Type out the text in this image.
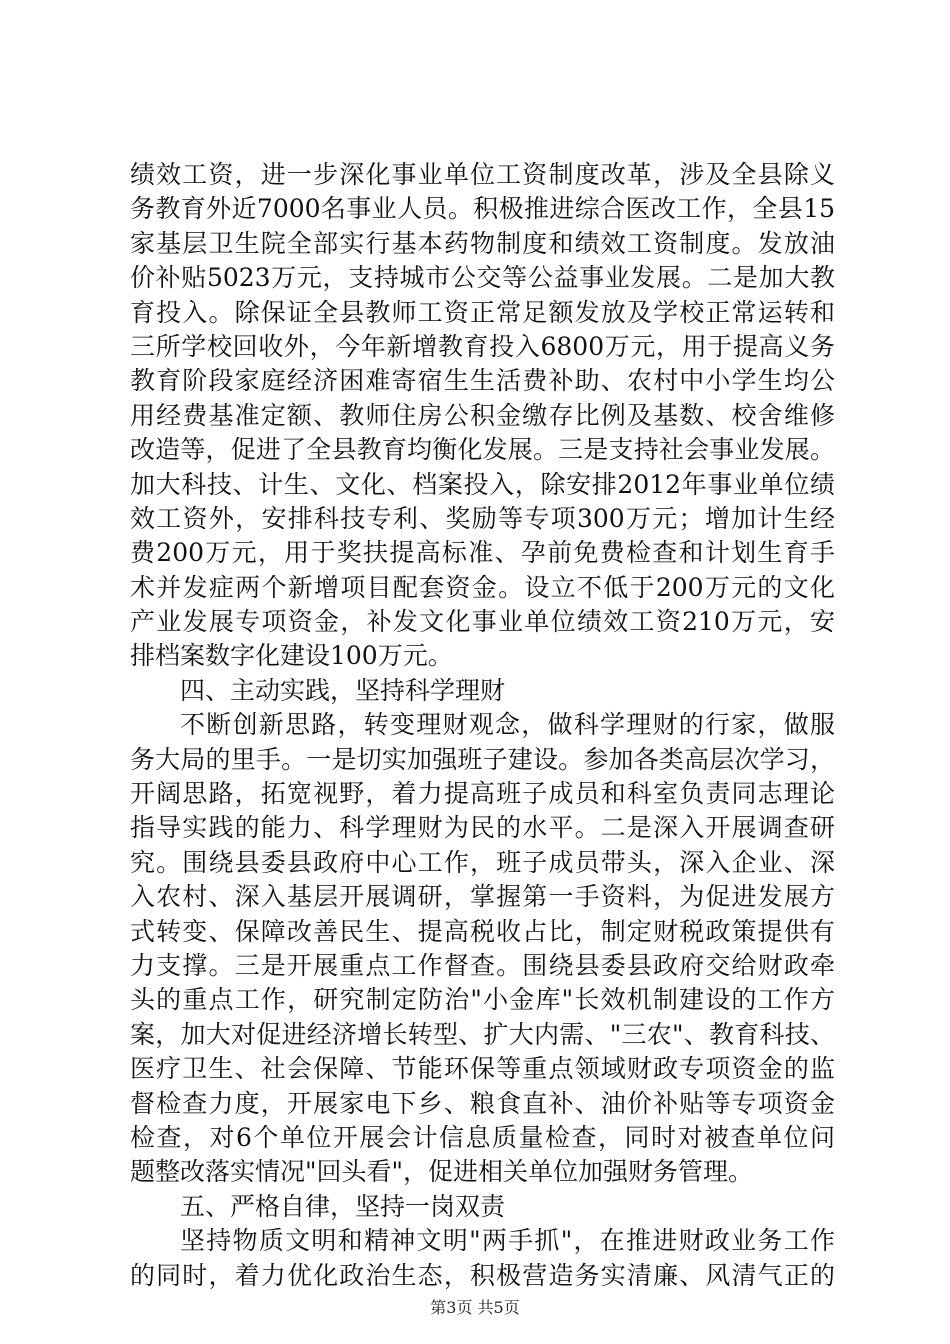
绩效工资，进一步深化事业单位工资制度改革，涉及全县除义
务教育外近7000名事业人员。积极推进综合医改工作，全县15
家基层卫生院全部实行基本药物制度和绩效工资制度。发放油
价补贴5023万元，支持城市公交等公益事业发展。二是加大教
育投入。除保证全县教师工资正常足额发放及学校正常运转和
三所学校回收外，今年新增教育投入6800万元，用于提高义务
教育阶段家庭经济困难寄宿生生活费补助、农村中小学生均公
用经费基准定额、教师住房公积金缴存比例及基数、校舍维修
改造等，促进了全县教育均衡化发展。三是支持社会事业发展。
加大科技、计生、文化、档案投入，除安排2012年事业单位绩
效工资外，安排科技专利、奖励等专项300万元；增加计生经
费200万元，用于奖扶提高标准、孕前免费检查和计划生育手
术并发症两个新增项目配套资金。设立不低于200万元的文化
产业发展专项资金，补发文化事业单位绩效工资210万元，安
排档案数字化建设100万元。
四、主动实践，坚持科学理财
不断创新思路，转变理财观念，做科学理财的行家，做服
务大局的里手。一是切实加强班子建设。参加各类高层次学习，
开阔思路，拓宽视野，着力提高班子成员和科室负责同志理论
指导实践的能力、科学理财为民的水平。二是深入开展调查研
究。围绕县委县政府中心工作，班子成员带头，深入企业、深
入农村、深入基层开展调研，掌握第一手资料，为促进发展方
式转变、保障改善民生、提高税收占比，制定财税政策提供有
力支撑。三是开展重点工作督查。围绕县委县政府交给财政牵
头的重点工作，研究制定防治"小金库"长效机制建设的工作方
案，加大对促进经济增长转型、扩大内需、"三农"、教育科技、
医疗卫生、社会保障、节能环保等重点领域财政专项资金的监
督检查力度，开展家电下乡、粮食直补、油价补贴等专项资金
检查，对6个单位开展会计信息质量检查，同时对被查单位问
题整改落实情况"回头看"，促进相关单位加强财务管理。
五、严格自律，坚持一岗双责
坚持物质文明和精神文明"两手抓"，在推进财政业务工作
的同时，着力优化政治生态，积极营造务实清廉、风清气正的
第3页 共5页
